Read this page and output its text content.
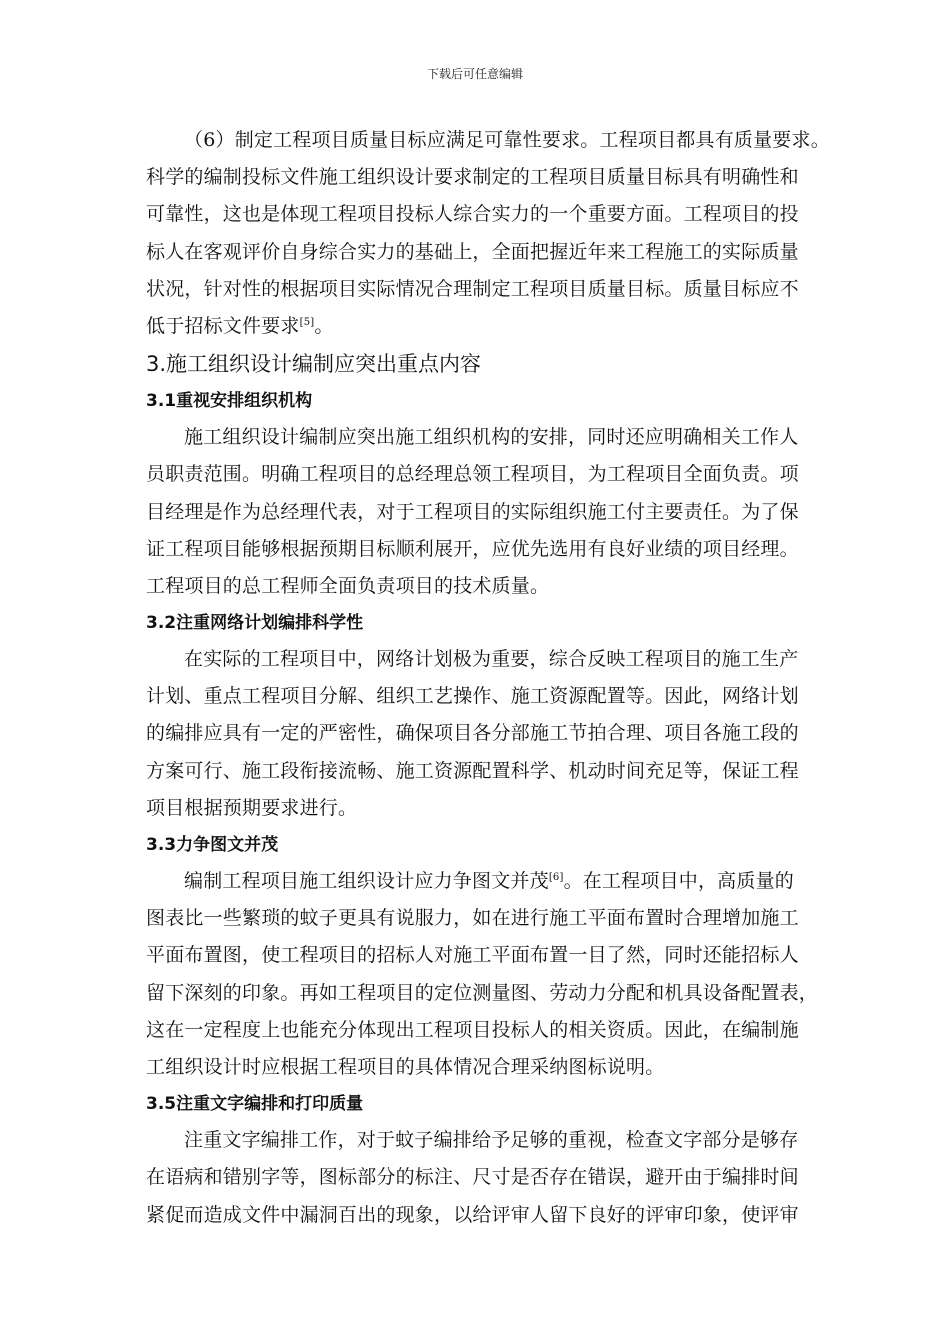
下载后可任意编辑
（6）制定工程项目质量目标应满足可靠性要求。工程项目都具有质量要求。
科学的编制投标文件施工组织设计要求制定的工程项目质量目标具有明确性和
可靠性，这也是体现工程项目投标人综合实力的一个重要方面。工程项目的投
标人在客观评价自身综合实力的基础上，全面把握近年来工程施工的实际质量
状况，针对性的根据项目实际情况合理制定工程项目质量目标。质量目标应不
低于招标文件要求[5]。
3.施工组织设计编制应突出重点内容
3.1重视安排组织机构
施工组织设计编制应突出施工组织机构的安排，同时还应明确相关工作人
员职责范围。明确工程项目的总经理总领工程项目，为工程项目全面负责。项
目经理是作为总经理代表，对于工程项目的实际组织施工付主要责任。为了保
证工程项目能够根据预期目标顺利展开，应优先选用有良好业绩的项目经理。
工程项目的总工程师全面负责项目的技术质量。
3.2注重网络计划编排科学性
在实际的工程项目中，网络计划极为重要，综合反映工程项目的施工生产
计划、重点工程项目分解、组织工艺操作、施工资源配置等。因此，网络计划
的编排应具有一定的严密性，确保项目各分部施工节拍合理、项目各施工段的
方案可行、施工段衔接流畅、施工资源配置科学、机动时间充足等，保证工程
项目根据预期要求进行。
3.3力争图文并茂
编制工程项目施工组织设计应力争图文并茂[6]。在工程项目中，高质量的
图表比一些繁琐的蚊子更具有说服力，如在进行施工平面布置时合理增加施工
平面布置图，使工程项目的招标人对施工平面布置一目了然，同时还能招标人
留下深刻的印象。再如工程项目的定位测量图、劳动力分配和机具设备配置表，
这在一定程度上也能充分体现出工程项目投标人的相关资质。因此，在编制施
工组织设计时应根据工程项目的具体情况合理采纳图标说明。
3.5注重文字编排和打印质量
注重文字编排工作，对于蚊子编排给予足够的重视，检查文字部分是够存
在语病和错别字等，图标部分的标注、尺寸是否存在错误，避开由于编排时间
紧促而造成文件中漏洞百出的现象，以给评审人留下良好的评审印象，使评审
